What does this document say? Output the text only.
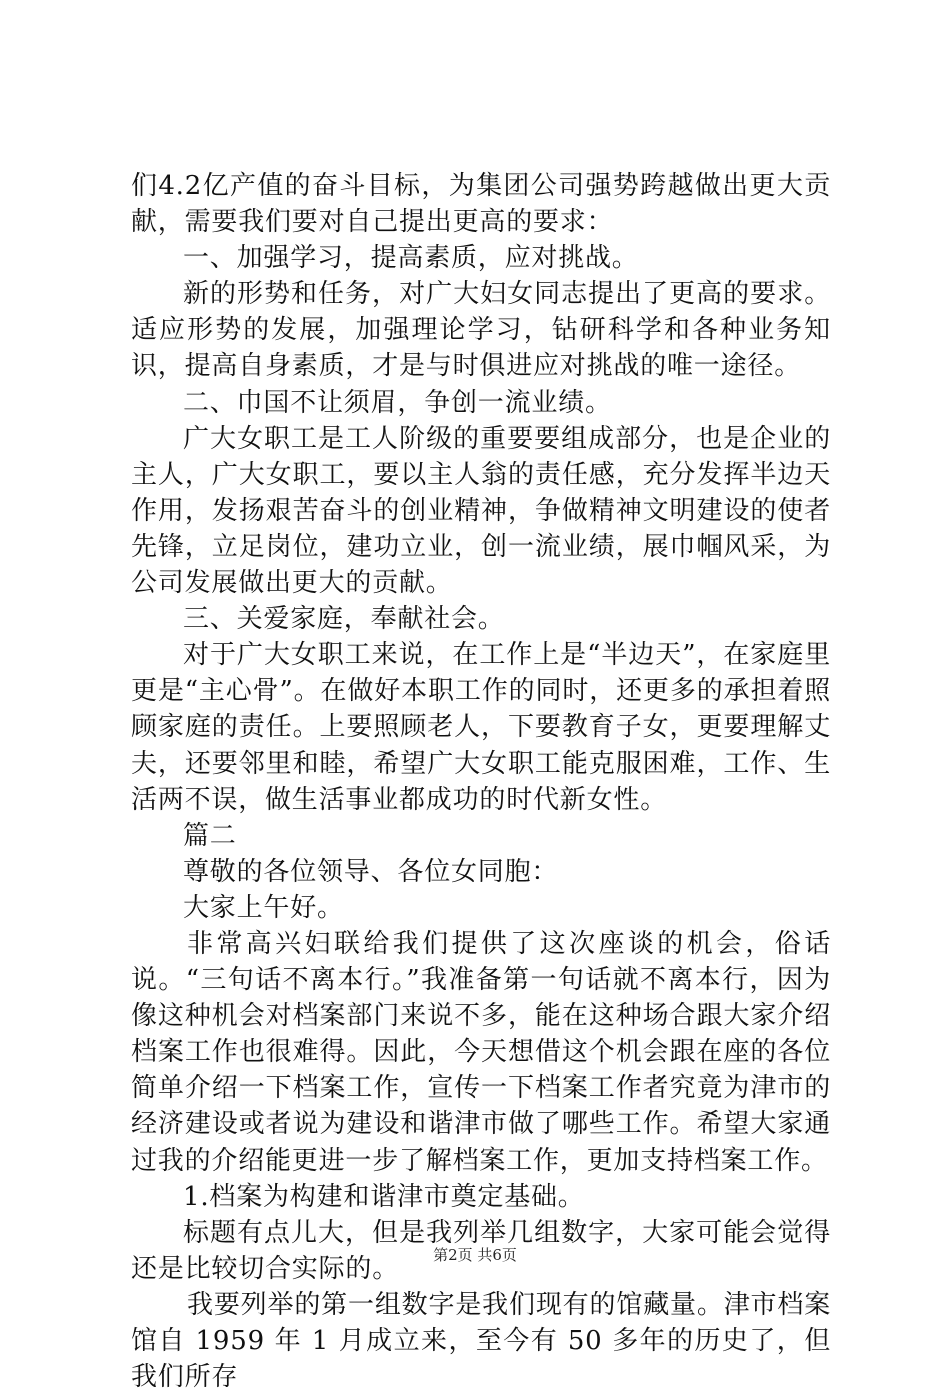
们4.2亿产值的奋斗目标，为集团公司强势跨越做出更大贡献，需要我们要对自己提出更高的要求：

一、加强学习，提高素质，应对挑战。

新的形势和任务，对广大妇女同志提出了更高的要求。适应形势的发展，加强理论学习，钻研科学和各种业务知识，提高自身素质，才是与时俱进应对挑战的唯一途径。

二、巾国不让须眉，争创一流业绩。

广大女职工是工人阶级的重要要组成部分，也是企业的主人，广大女职工，要以主人翁的责任感，充分发挥半边天作用，发扬艰苦奋斗的创业精神，争做精神文明建设的使者先锋，立足岗位，建功立业，创一流业绩，展巾帼风采，为公司发展做出更大的贡献。

三、关爱家庭，奉献社会。

对于广大女职工来说，在工作上是“半边天”，在家庭里更是“主心骨”。在做好本职工作的同时，还更多的承担着照顾家庭的责任。上要照顾老人，下要教育子女，更要理解丈夫，还要邻里和睦，希望广大女职工能克服困难，工作、生活两不误，做生活事业都成功的时代新女性。

篇二

尊敬的各位领导、各位女同胞：

大家上午好。

非常高兴妇联给我们提供了这次座谈的机会，俗话说。“三句话不离本行。”我准备第一句话就不离本行，因为像这种机会对档案部门来说不多，能在这种场合跟大家介绍档案工作也很难得。因此，今天想借这个机会跟在座的各位简单介绍一下档案工作，宣传一下档案工作者究竟为津市的经济建设或者说为建设和谐津市做了哪些工作。希望大家通过我的介绍能更进一步了解档案工作，更加支持档案工作。

1.档案为构建和谐津市奠定基础。

标题有点儿大，但是我列举几组数字，大家可能会觉得还是比较切合实际的。

我要列举的第一组数字是我们现有的馆藏量。津市档案馆自 1959 年 1 月成立来，至今有 50 多年的历史了，但我们所存

第2页 共6页
